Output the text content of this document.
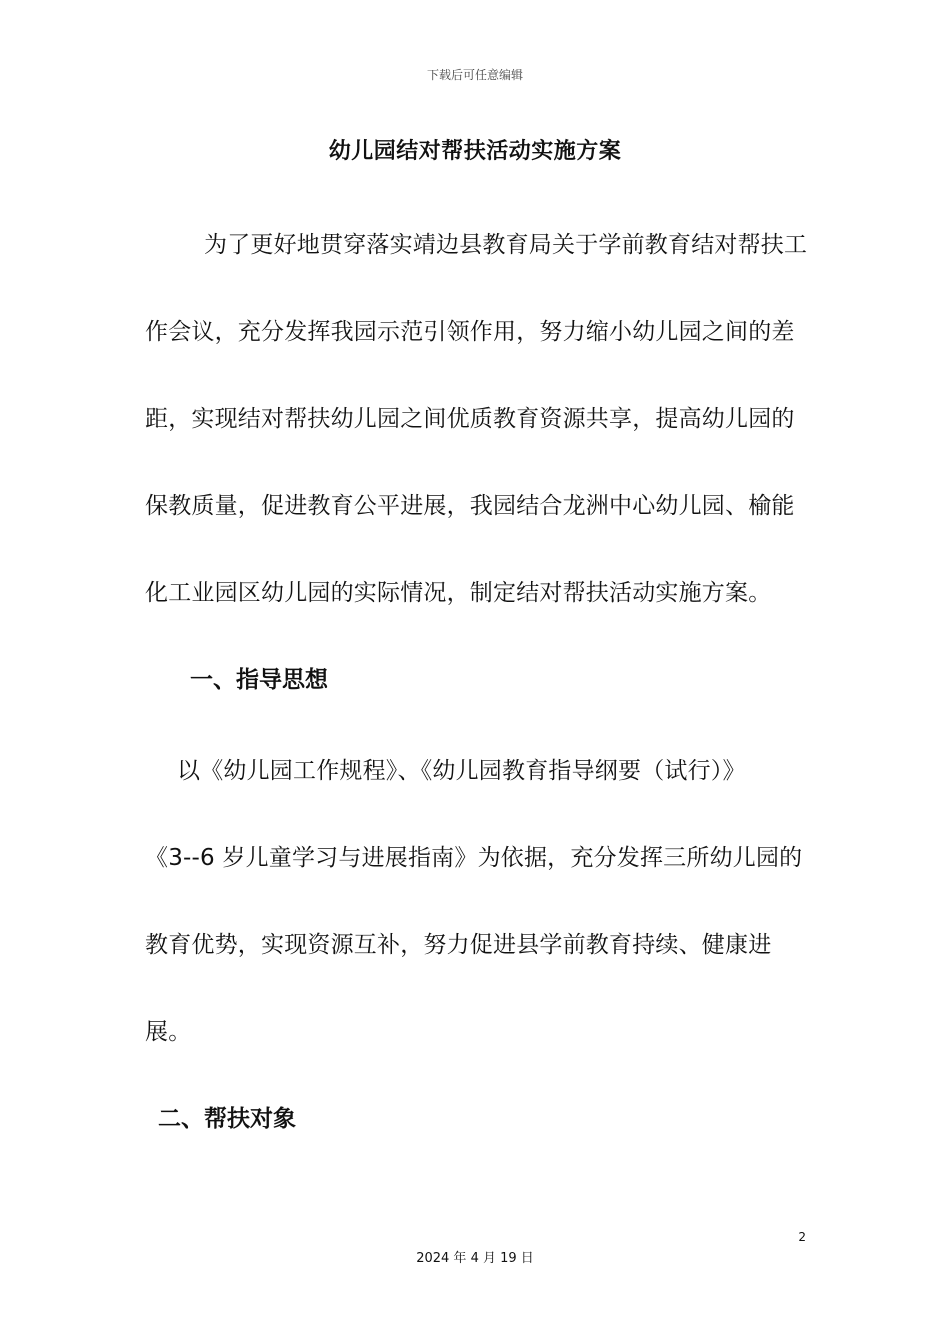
下载后可任意编辑
幼儿园结对帮扶活动实施方案
为了更好地贯穿落实靖边县教育局关于学前教育结对帮扶工
作会议，充分发挥我园示范引领作用，努力缩小幼儿园之间的差
距，实现结对帮扶幼儿园之间优质教育资源共享，提高幼儿园的
保教质量，促进教育公平进展，我园结合龙洲中心幼儿园、榆能
化工业园区幼儿园的实际情况，制定结对帮扶活动实施方案。
一、指导思想
以《幼儿园工作规程》、《幼儿园教育指导纲要（试行）》
《3--6 岁儿童学习与进展指南》为依据，充分发挥三所幼儿园的
教育优势，实现资源互补，努力促进县学前教育持续、健康进
展。
二、帮扶对象
2
2024 年 4 月 19 日
